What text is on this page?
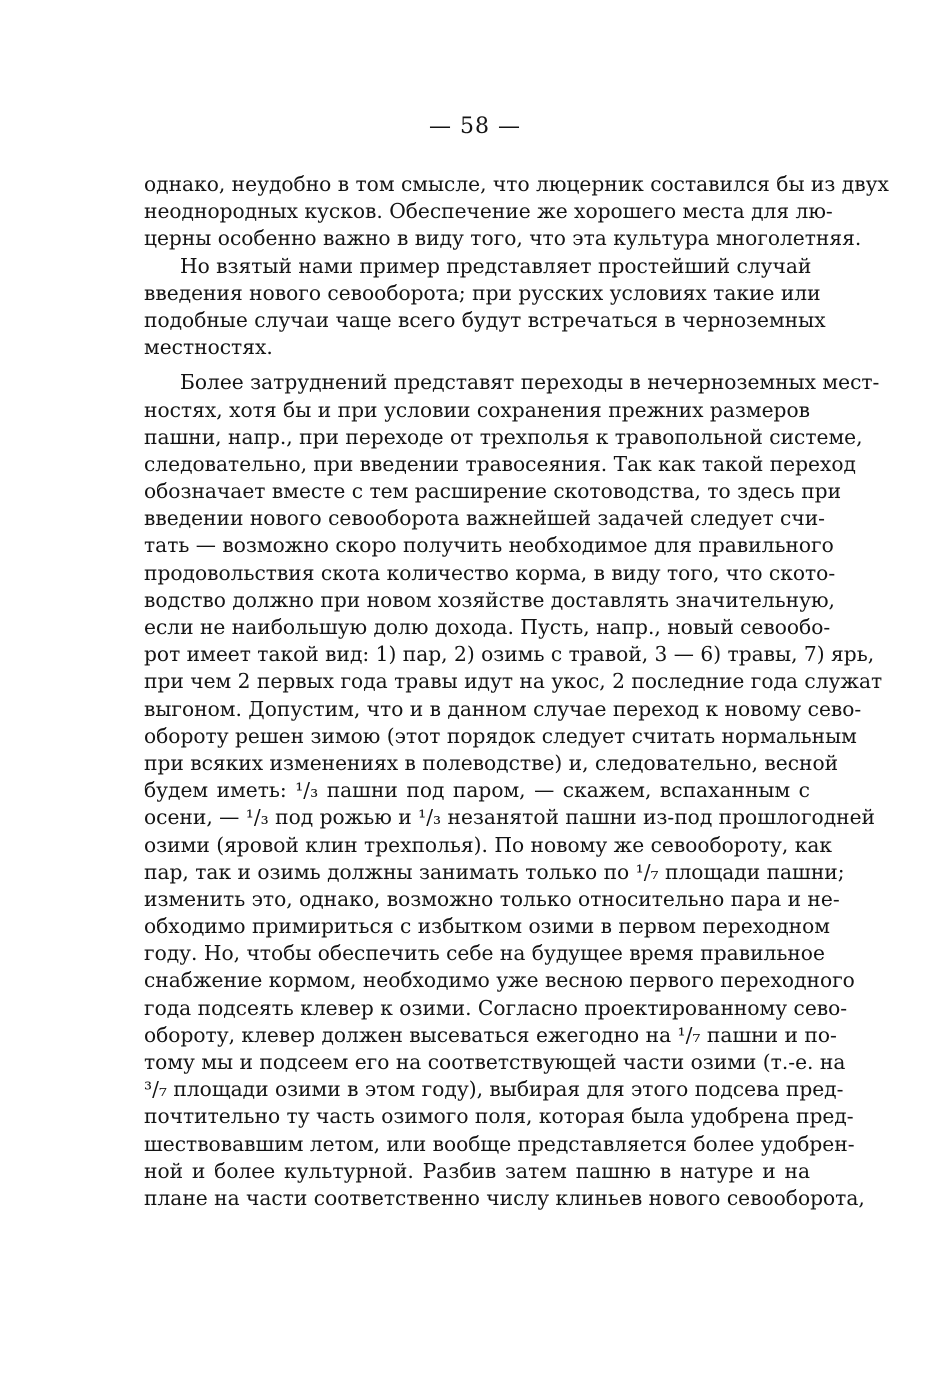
— 58 —
однако, неудобно в том смысле, что люцерник составился бы из двух
неоднородных кусков. Обеспечение же хорошего места для лю-
церны особенно важно в виду того, что эта культура многолетняя.
Но взятый нами пример представляет простейший случай
введения нового севооборота; при русских условиях такие или
подобные случаи чаще всего будут встречаться в черноземных
местностях.
Более затруднений представят переходы в нечерноземных мест-
ностях, хотя бы и при условии сохранения прежних размеров
пашни, напр., при переходе от трехполья к травопольной системе,
следовательно, при введении травосеяния. Так как такой переход
обозначает вместе с тем расширение скотоводства, то здесь при
введении нового севооборота важнейшей задачей следует счи-
тать — возможно скоро получить необходимое для правильного
продовольствия скота количество корма, в виду того, что ското-
водство должно при новом хозяйстве доставлять значительную,
если не наибольшую долю дохода. Пусть, напр., новый севообо-
рот имеет такой вид: 1) пар, 2) озимь с травой, 3 — 6) травы, 7) ярь,
при чем 2 первых года травы идут на укос, 2 последние года служат
выгоном. Допустим, что и в данном случае переход к новому сево-
обороту решен зимою (этот порядок следует считать нормальным
при всяких изменениях в полеводстве) и, следовательно, весной
будем иметь: ¹/₃ пашни под паром, — скажем, вспаханным с
осени, — ¹/₃ под рожью и ¹/₃ незанятой пашни из-под прошлогодней
озими (яровой клин трехполья). По новому же севообороту, как
пар, так и озимь должны занимать только по ¹/₇ площади пашни;
изменить это, однако, возможно только относительно пара и не-
обходимо примириться с избытком озими в первом переходном
году. Но, чтобы обеспечить себе на будущее время правильное
снабжение кормом, необходимо уже весною первого переходного
года подсеять клевер к озими. Согласно проектированному сево-
обороту, клевер должен высеваться ежегодно на ¹/₇ пашни и по-
тому мы и подсеем его на соответствующей части озими (т.-е. на
³/₇ площади озими в этом году), выбирая для этого подсева пред-
почтительно ту часть озимого поля, которая была удобрена пред-
шествовавшим летом, или вообще представляется более удобрен-
ной и более культурной. Разбив затем пашню в натуре и на
плане на части соответственно числу клиньев нового севооборота,
